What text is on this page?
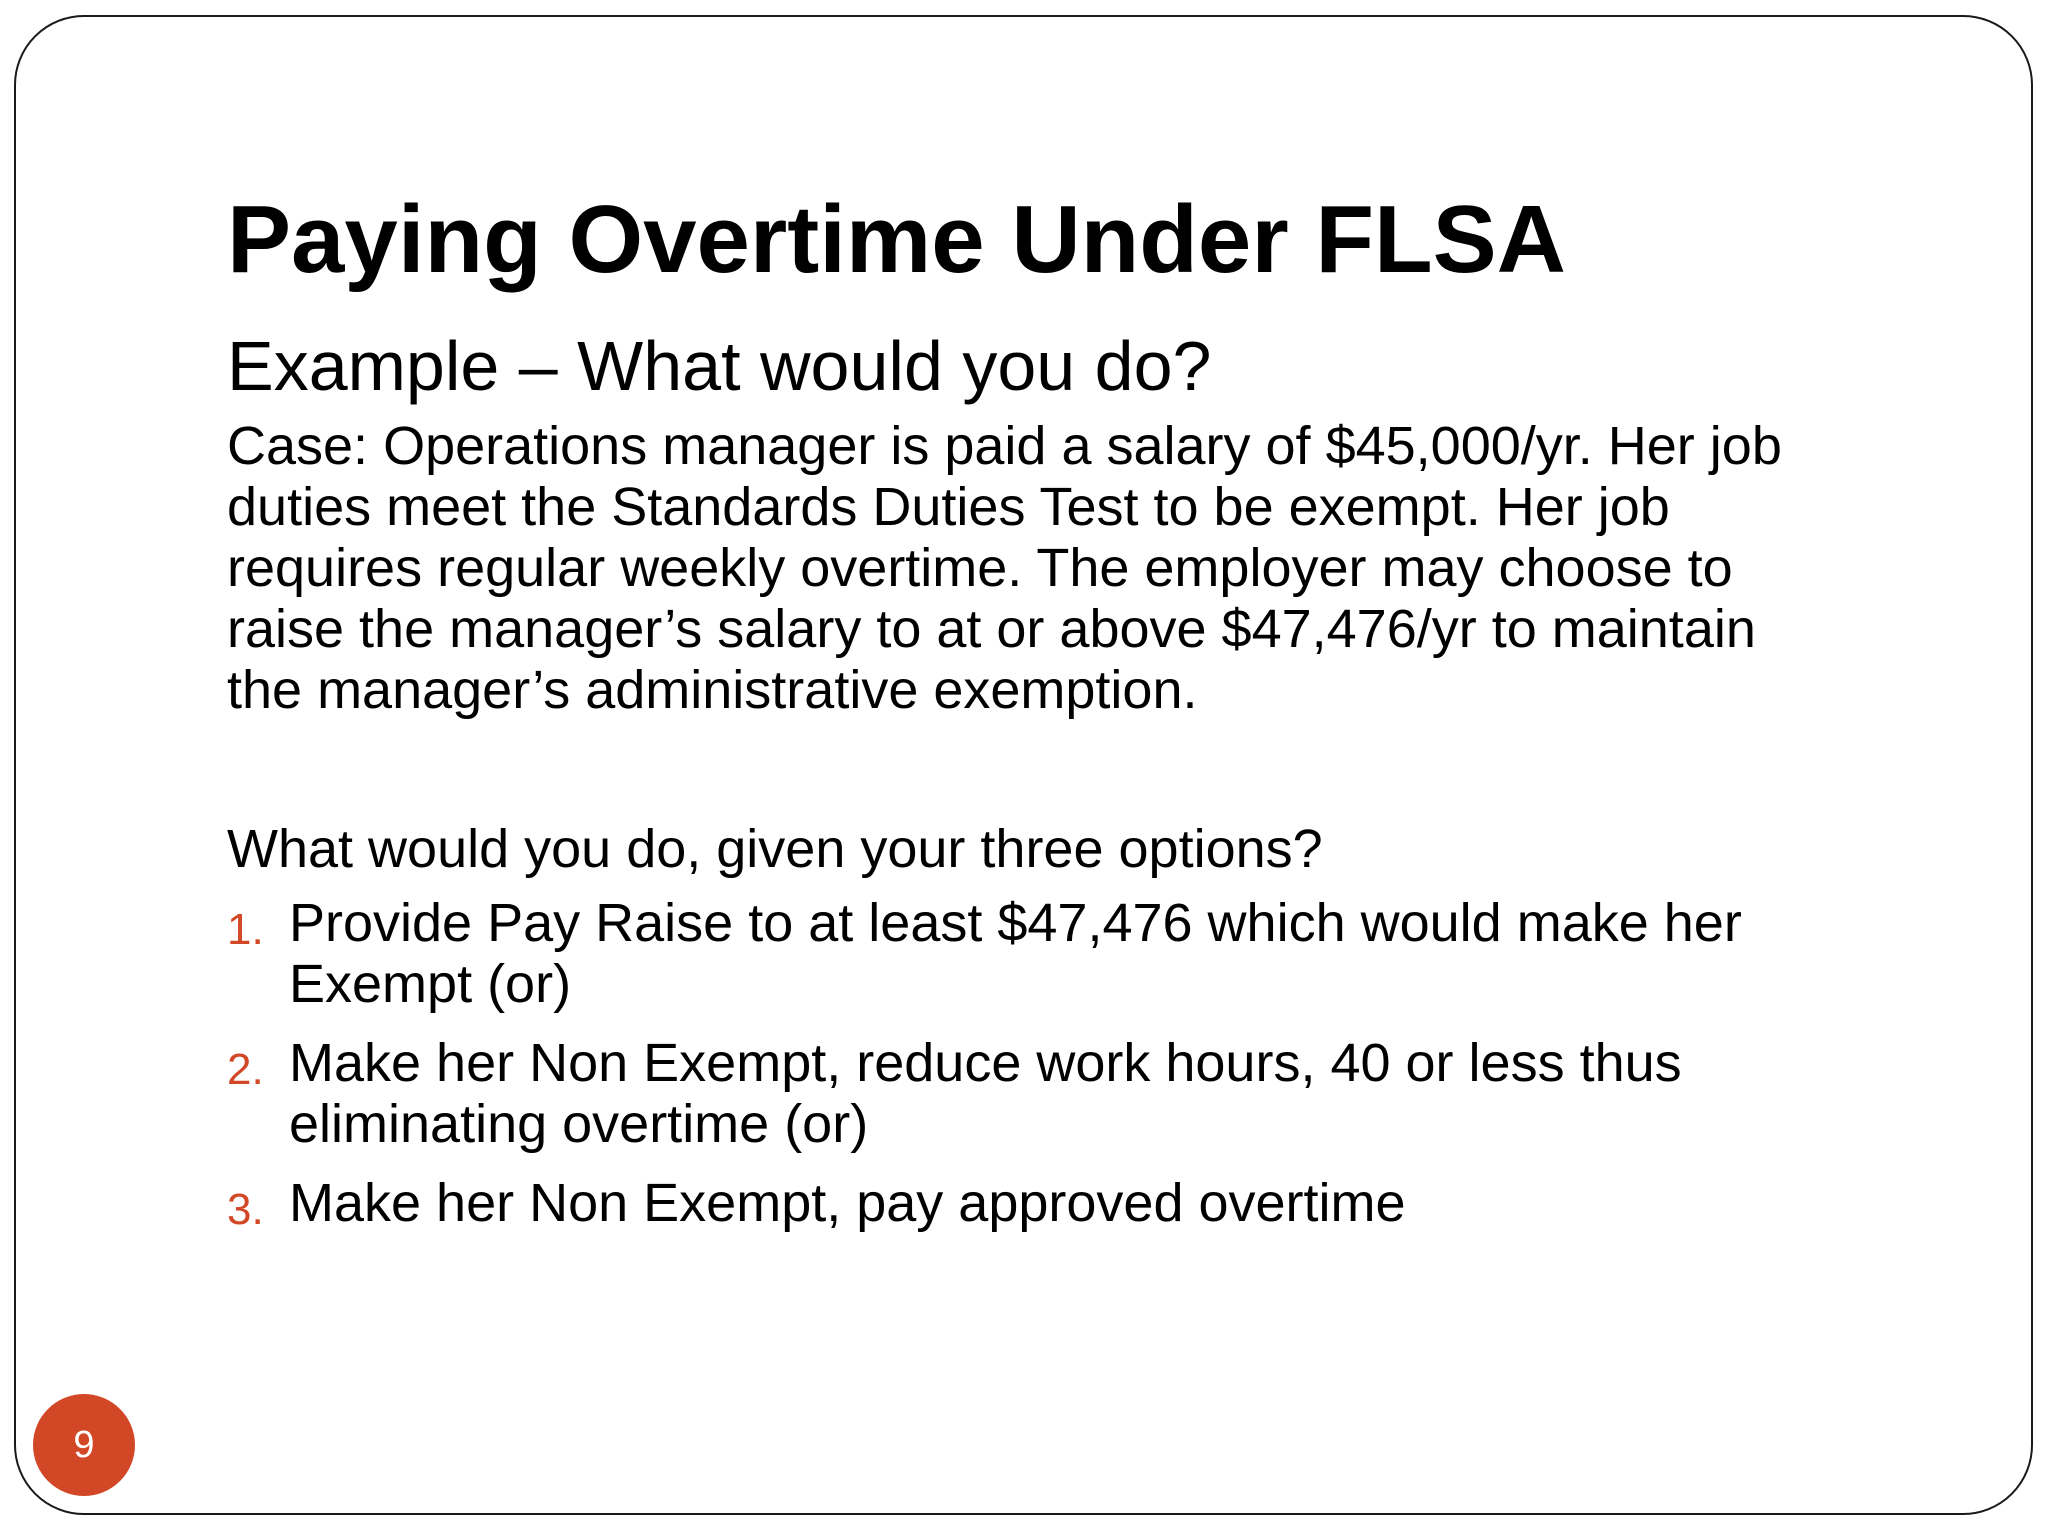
Paying Overtime Under FLSA
Example – What would you do?
Case: Operations manager is paid a salary of $45,000/yr. Her job
duties meet the Standards Duties Test to be exempt. Her job
requires regular weekly overtime. The employer may choose to
raise the manager’s salary to at or above $47,476/yr to maintain
the manager’s administrative exemption.
What would you do, given your three options?
1. Provide Pay Raise to at least $47,476 which would make her
Exempt (or)
2. Make her Non Exempt, reduce work hours, 40 or less thus
eliminating overtime (or)
3. Make her Non Exempt, pay approved overtime
9
